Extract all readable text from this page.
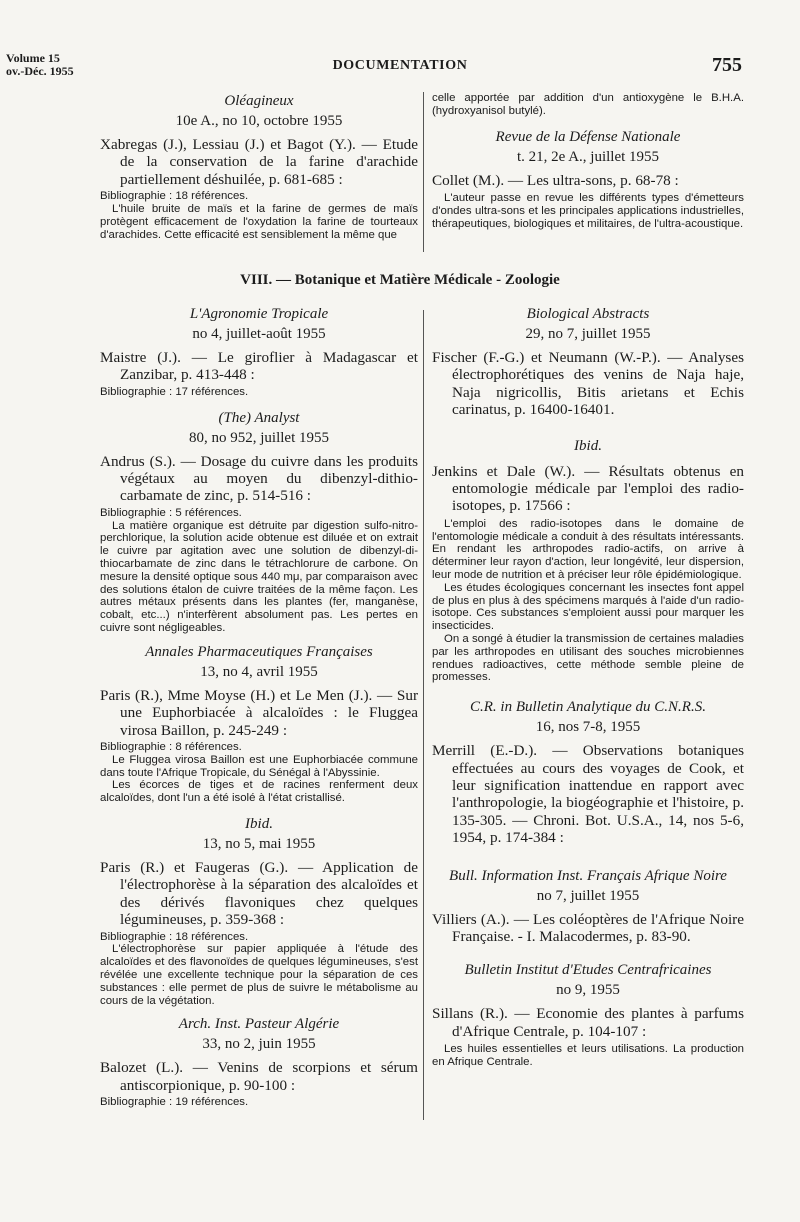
Volume 15
ov.-Déc. 1955	DOCUMENTATION	755
Oléagineux
10e A., no 10, octobre 1955
Xabregas (J.), Lessiau (J.) et Bagot (Y.). — Etude de la conservation de la farine d'arachide partiellement déshuilée, p. 681-685 :
Bibliographie : 18 références.

L'huile bruite de maïs et la farine de germes de maïs protègent efficacement de l'oxydation la farine de tourteaux d'arachides. Cette efficacité est sensiblement la même que

celle apportée par addition d'un antioxygène le B.H.A. (hydroxyanisol butylé).

Revue de la Défense Nationale
t. 21, 2e A., juillet 1955
Collet (M.). — Les ultra-sons, p. 68-78 :

L'auteur passe en revue les différents types d'émetteurs d'ondes ultra-sons et les principales applications industrielles, thérapeutiques, biologiques et militaires, de l'ultra-acoustique.

VIII. — Botanique et Matière Médicale - Zoologie
L'Agronomie Tropicale
no 4, juillet-août 1955
Maistre (J.). — Le giroflier à Madagascar et Zanzibar, p. 413-448 :
Bibliographie : 17 références.
(The) Analyst
80, no 952, juillet 1955
Andrus (S.). — Dosage du cuivre dans les produits végétaux au moyen du dibenzyl-dithio-carbamate de zinc, p. 514-516 :
Bibliographie : 5 références.

La matière organique est détruite par digestion sulfo-nitro-perchlorique, la solution acide obtenue est diluée et on extrait le cuivre par agitation avec une solution de dibenzyl-di-thiocarbamate de zinc dans le tétrachlorure de carbone. On mesure la densité optique sous 440 mμ, par comparaison avec des solutions étalon de cuivre traitées de la même façon. Les autres métaux présents dans les plantes (fer, manganèse, cobalt, etc...) n'interfèrent absolument pas. Les pertes en cuivre sont négligeables.

Annales Pharmaceutiques Françaises
13, no 4, avril 1955
Paris (R.), Mme Moyse (H.) et Le Men (J.). — Sur une Euphorbiacée à alcaloïdes : le Fluggea virosa Baillon, p. 245-249 :
Bibliographie : 8 références.

Le Fluggea virosa Baillon est une Euphorbiacée commune dans toute l'Afrique Tropicale, du Sénégal à l'Abyssinie.

Les écorces de tiges et de racines renferment deux alcaloïdes, dont l'un a été isolé à l'état cristallisé.

Ibid.
13, no 5, mai 1955
Paris (R.) et Faugeras (G.). — Application de l'électrophorèse à la séparation des alcaloïdes et des dérivés flavoniques chez quelques légumineuses, p. 359-368 :
Bibliographie : 18 références.

L'électrophorèse sur papier appliquée à l'étude des alcaloïdes et des flavonoïdes de quelques légumineuses, s'est révélée une excellente technique pour la séparation de ces substances : elle permet de plus de suivre le métabolisme au cours de la végétation.

Arch. Inst. Pasteur Algérie
33, no 2, juin 1955
Balozet (L.). — Venins de scorpions et sérum antiscorpionique, p. 90-100 :
Bibliographie : 19 références.
Biological Abstracts
29, no 7, juillet 1955
Fischer (F.-G.) et Neumann (W.-P.). — Analyses électrophorétiques des venins de Naja haje, Naja nigricollis, Bitis arietans et Echis carinatus, p. 16400-16401.
Ibid.
Jenkins et Dale (W.). — Résultats obtenus en entomologie médicale par l'emploi des radio-isotopes, p. 17566 :

L'emploi des radio-isotopes dans le domaine de l'entomologie médicale a conduit à des résultats intéressants. En rendant les arthropodes radio-actifs, on arrive à déterminer leur rayon d'action, leur longévité, leur dispersion, leur mode de nutrition et à préciser leur rôle épidémiologique.

Les études écologiques concernant les insectes font appel de plus en plus à des spécimens marqués à l'aide d'un radio-isotope. Ces substances s'emploient aussi pour marquer les insecticides.

On a songé à étudier la transmission de certaines maladies par les arthropodes en utilisant des souches microbiennes rendues radioactives, cette méthode semble pleine de promesses.

C.R. in Bulletin Analytique du C.N.R.S.
16, nos 7-8, 1955
Merrill (E.-D.). — Observations botaniques effectuées au cours des voyages de Cook, et leur signification inattendue en rapport avec l'anthropologie, la biogéographie et l'histoire, p. 135-305. — Chroni. Bot. U.S.A., 14, nos 5-6, 1954, p. 174-384 :
Bull. Information Inst. Français Afrique Noire
no 7, juillet 1955
Villiers (A.). — Les coléoptères de l'Afrique Noire Française. - I. Malacodermes, p. 83-90.
Bulletin Institut d'Etudes Centrafricaines
no 9, 1955
Sillans (R.). — Economie des plantes à parfums d'Afrique Centrale, p. 104-107 :

Les huiles essentielles et leurs utilisations. La production en Afrique Centrale.
